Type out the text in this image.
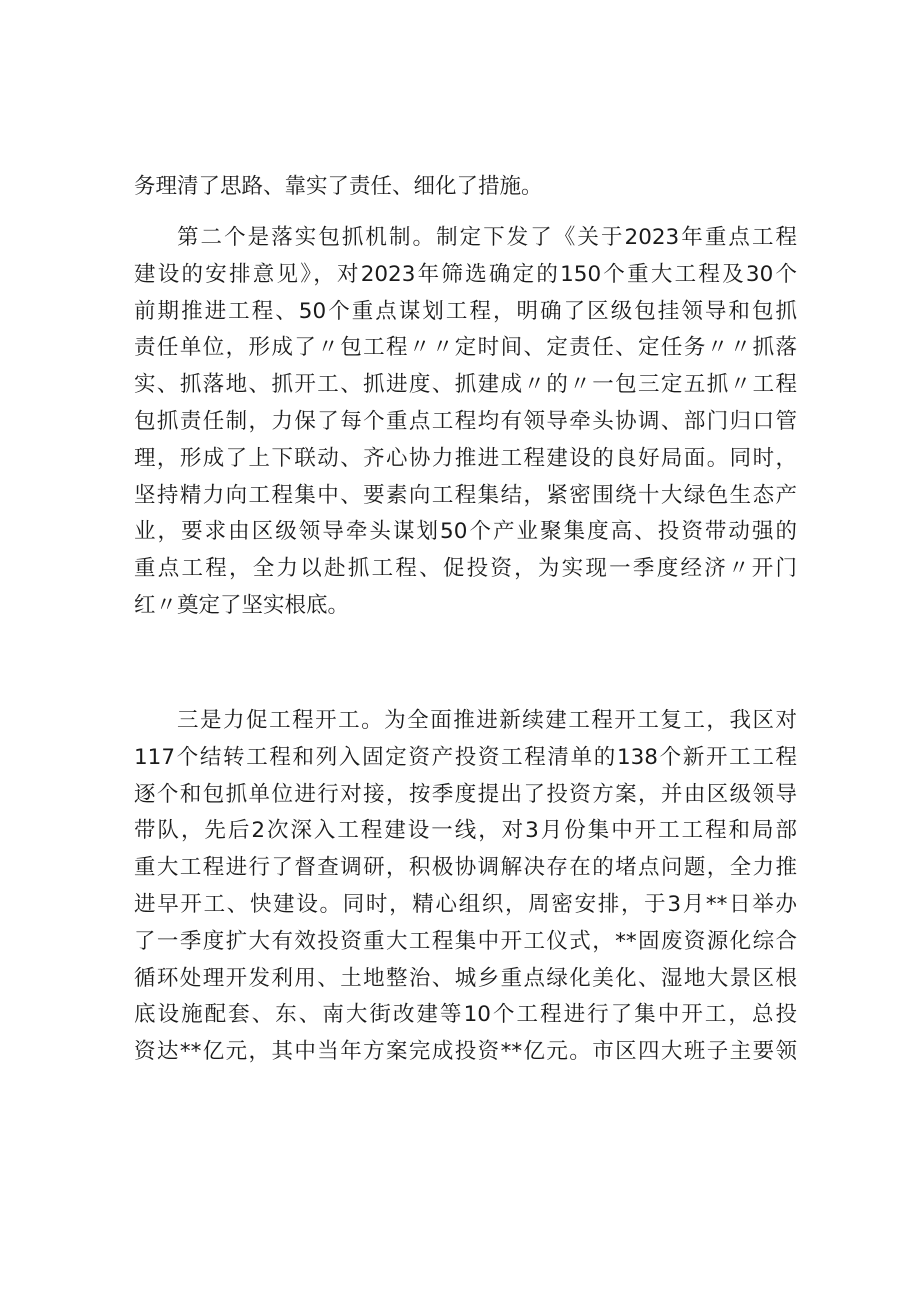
务理清了思路、靠实了责任、细化了措施。
第二个是落实包抓机制。制定下发了《关于2023年重点工程
建设的安排意见》，对2023年筛选确定的150个重大工程及30个
前期推进工程、50个重点谋划工程，明确了区级包挂领导和包抓
责任单位，形成了〃包工程〃〃定时间、定责任、定任务〃〃抓落
实、抓落地、抓开工、抓进度、抓建成〃的〃一包三定五抓〃工程
包抓责任制，力保了每个重点工程均有领导牵头协调、部门归口管
理，形成了上下联动、齐心协力推进工程建设的良好局面。同时，
坚持精力向工程集中、要素向工程集结，紧密围绕十大绿色生态产
业，要求由区级领导牵头谋划50个产业聚集度高、投资带动强的
重点工程，全力以赴抓工程、促投资，为实现一季度经济〃开门
红〃奠定了坚实根底。
三是力促工程开工。为全面推进新续建工程开工复工，我区对
117个结转工程和列入固定资产投资工程清单的138个新开工工程
逐个和包抓单位进行对接，按季度提出了投资方案，并由区级领导
带队，先后2次深入工程建设一线，对3月份集中开工工程和局部
重大工程进行了督查调研，积极协调解决存在的堵点问题，全力推
进早开工、快建设。同时，精心组织，周密安排，于3月**日举办
了一季度扩大有效投资重大工程集中开工仪式，**固废资源化综合
循环处理开发利用、土地整治、城乡重点绿化美化、湿地大景区根
底设施配套、东、南大街改建等10个工程进行了集中开工，总投
资达**亿元，其中当年方案完成投资**亿元。市区四大班子主要领
